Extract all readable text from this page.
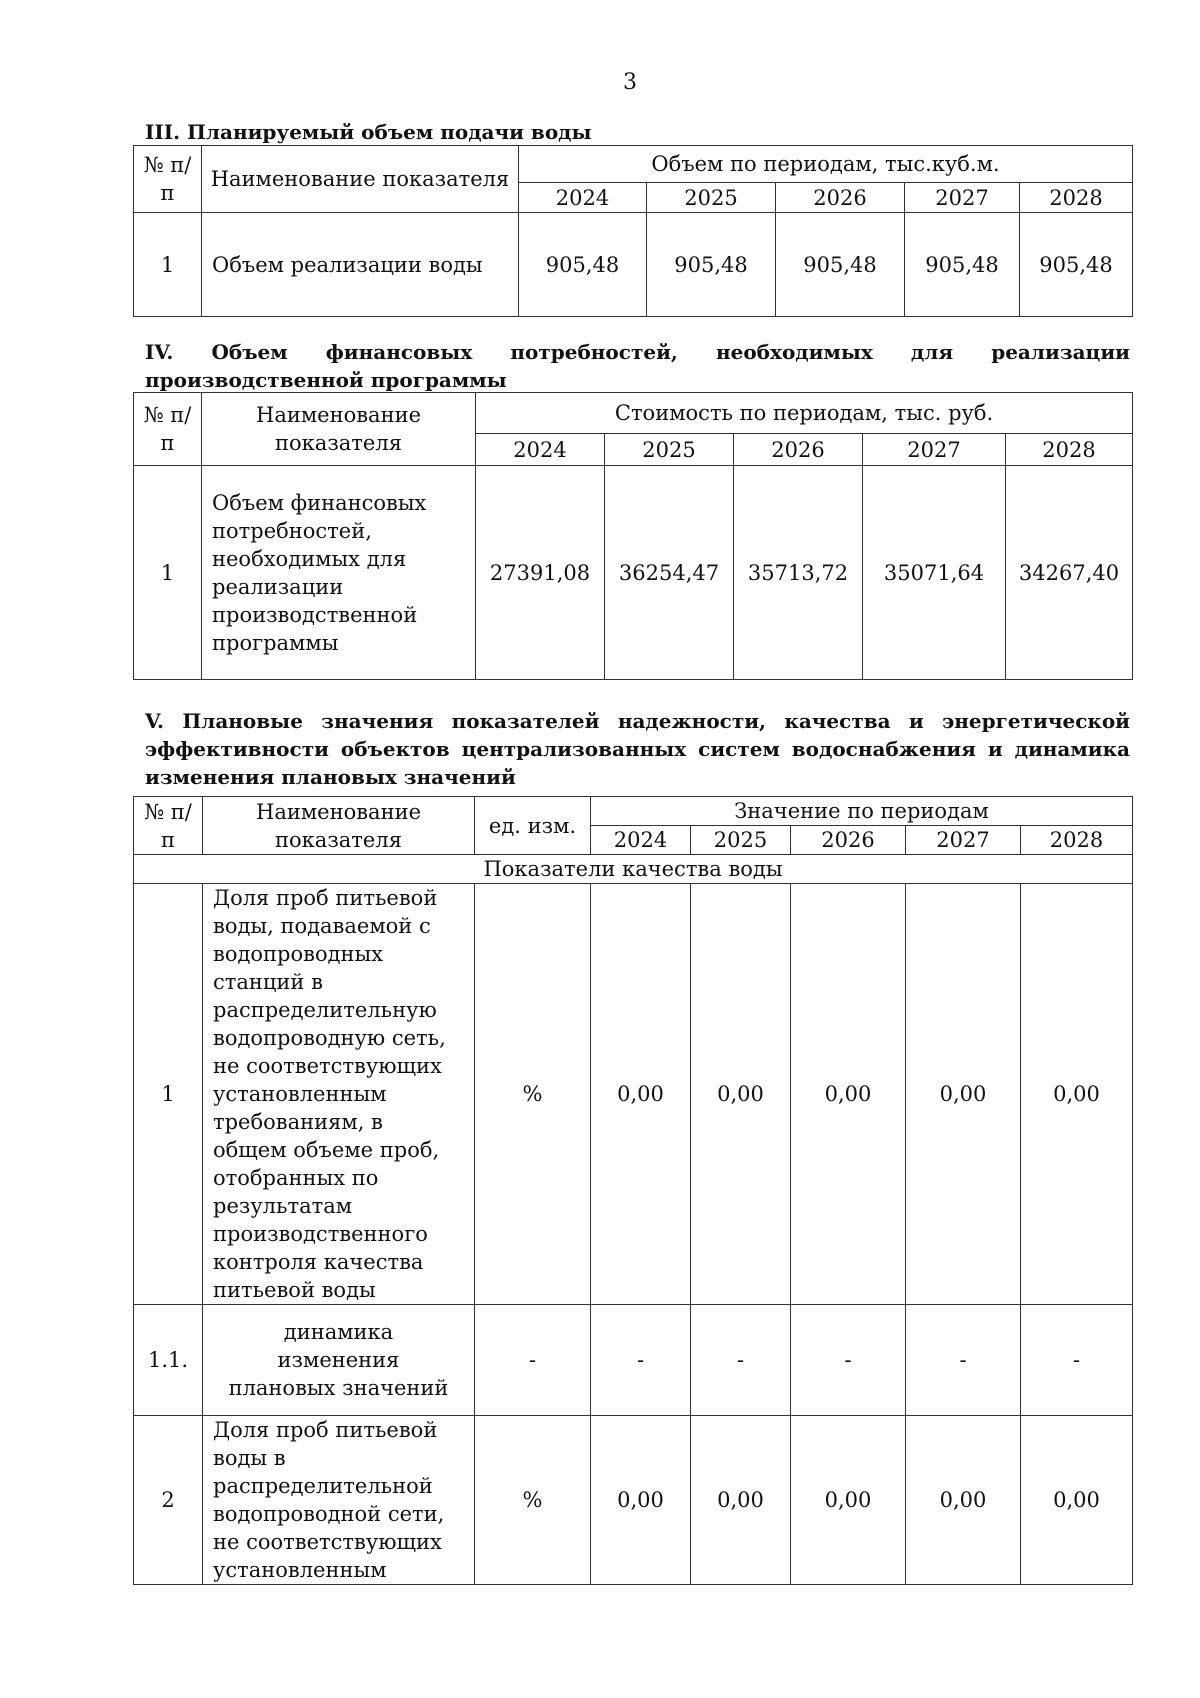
3

III. Планируемый объем подачи воды

№ п/п	Наименование показателя	Объем по периодам, тыс.куб.м.				
		2024	2025	2026	2027	2028
1	Объем реализации воды	905,48	905,48	905,48	905,48	905,48

IV. Объем финансовых потребностей, необходимых для реализации производственной программы

№ п/п	Наименование показателя	Стоимость по периодам, тыс. руб.				
		2024	2025	2026	2027	2028
1	Объем финансовых потребностей, необходимых для реализации производственной программы	27391,08	36254,47	35713,72	35071,64	34267,40

V. Плановые значения показателей надежности, качества и энергетической эффективности объектов централизованных систем водоснабжения и динамика изменения плановых значений

№ п/п	Наименование показателя	ед. изм.	Значение по периодам				
			2024	2025	2026	2027	2028
Показатели качества воды							
1	Доля проб питьевой воды, подаваемой с водопроводных станций в распределительную водопроводную сеть, не соответствующих установленным требованиям, в общем объеме проб, отобранных по результатам производственного контроля качества питьевой воды	%	0,00	0,00	0,00	0,00	0,00
1.1.	динамика изменения плановых значений	-	-	-	-	-	-
2	Доля проб питьевой воды в распределительной водопроводной сети, не соответствующих установленным	%	0,00	0,00	0,00	0,00	0,00
